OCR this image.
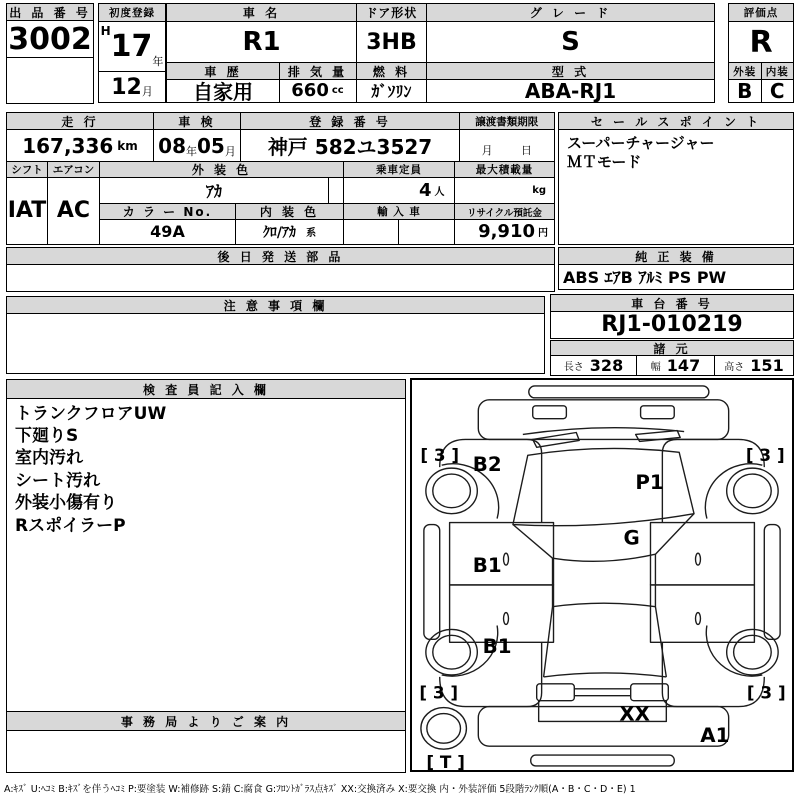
出 品 番 号
3002
初度登録
H 17 年
12 月
車 名
R1
車 歴
自家用
排 気 量
660 cc
ドア形状
3HB
燃 料
ｶﾞｿﾘﾝ
グ レ ー ド
S
型 式
ABA-RJ1
評価点
R
外装 内装
B C
走 行
167,336 km
車 検
08 年 05 月
登 録 番 号
神戸 582ユ3527
譲渡書類期限
月	日
シフト
IAT
エアコン
AC
外 装 色
ｱｶ
乗車定員
4 人
最大積載量
kg
カ ラ ー No.
49A
内 装 色
ｸﾛ/ｱｶ 系
輸 入 車	リサイクル預託金
9,910 円
後 日 発 送 部 品
注 意 事 項 欄
セ ー ル ス ポ イ ン ト
スーパーチャージャー
ＭＴモード
純 正 装 備
ABS ｴｱB ｱﾙﾐ PS PW
車 台 番 号
RJ1-010219
諸 元
長さ 328	幅 147 高さ 151
検 査 員 記 入 欄
トランクフロアUW
下廻りS
室内汚れ
シート汚れ
外装小傷有り
RスポイラーP
事 務 局 よ り ご 案 内
[ 3 ]	[ 3 ]
B2
P1
G
B1
B1
[ 3 ]	[ 3 ]
XX
A1
[ T ]
A:ｷｽﾞ U:ﾍｺﾐ B:ｷｽﾞを伴うﾍｺﾐ P:要塗装 W:補修跡 S:錆 C:腐食 G:ﾌﾛﾝﾄｶﾞﾗｽ点ｷｽﾞ XX:交換済み X:要交換 内・外装評価 5段階ﾗﾝｸ順(A・B・C・D・E) 1
